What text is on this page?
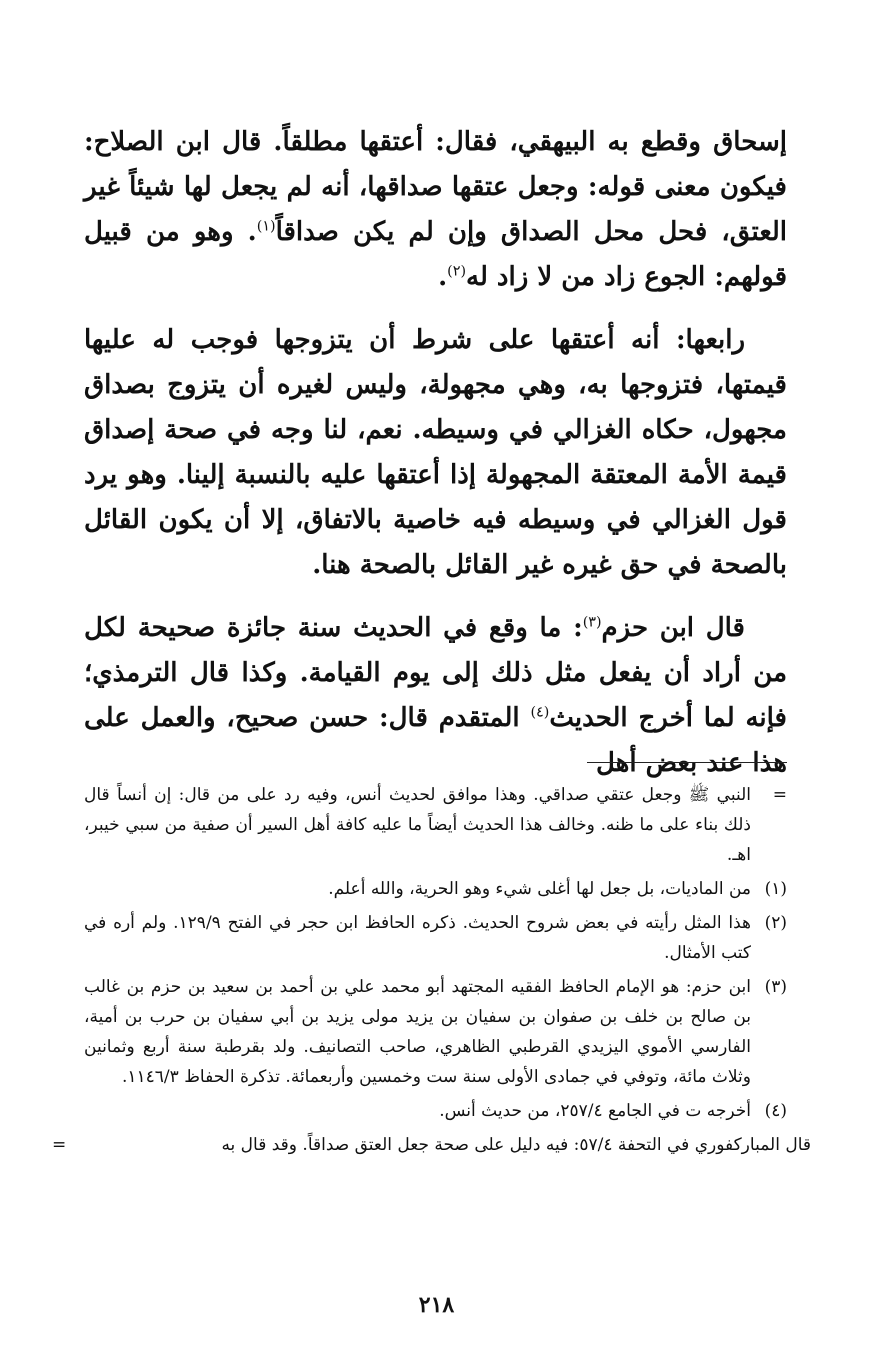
إسحاق وقطع به البيهقي، فقال: أعتقها مطلقاً. قال ابن الصلاح: فيكون معنى قوله: وجعل عتقها صداقها، أنه لم يجعل لها شيئاً غير العتق، فحل محل الصداق وإن لم يكن صداقاً$^{(١)}$. وهو من قبيل قولهم: الجوع زاد من لا زاد له$^{(٢)}$.

رابعها: أنه أعتقها على شرط أن يتزوجها فوجب له عليها قيمتها، فتزوجها به، وهي مجهولة، وليس لغيره أن يتزوج بصداق مجهول، حكاه الغزالي في وسيطه. نعم، لنا وجه في صحة إصداق قيمة الأمة المعتقة المجهولة إذا أعتقها عليه بالنسبة إلينا. وهو يرد قول الغزالي في وسيطه فيه خاصية بالاتفاق، إلا أن يكون القائل بالصحة في حق غيره غير القائل بالصحة هنا.

قال ابن حزم$^{(٣)}$: ما وقع في الحديث سنة جائزة صحيحة لكل من أراد أن يفعل مثل ذلك إلى يوم القيامة. وكذا قال الترمذي؛ فإنه لما أخرج الحديث$^{(٤)}$ المتقدم قال: حسن صحيح، والعمل على هذا عند بعض أهل

=
النبي ﷺ وجعل عتقي صداقي. وهذا موافق لحديث أنس، وفيه رد على من قال: إن أنساً قال ذلك بناء على ما ظنه. وخالف هذا الحديث أيضاً ما عليه كافة أهل السير أن صفية من سبي خيبر، اهـ.
(١)
من الماديات، بل جعل لها أغلى شيء وهو الحرية، والله أعلم.
(٢)
هذا المثل رأيته في بعض شروح الحديث. ذكره الحافظ ابن حجر في الفتح ١٢٩/٩. ولم أره في كتب الأمثال.
(٣)
ابن حزم: هو الإمام الحافظ الفقيه المجتهد أبو محمد علي بن أحمد بن سعيد بن حزم بن غالب بن صالح بن خلف بن صفوان بن سفيان بن يزيد مولى يزيد بن أبي سفيان بن حرب بن أمية، الفارسي الأموي اليزيدي القرطبي الظاهري، صاحب التصانيف. ولد بقرطبة سنة أربع وثمانين وثلاث مائة، وتوفي في جمادى الأولى سنة ست وخمسين وأربعمائة. تذكرة الحفاظ ١١٤٦/٣.
(٤)
أخرجه ت في الجامع ٢٥٧/٤، من حديث أنس.
قال المباركفوري في التحفة ٥٧/٤: فيه دليل على صحة جعل العتق صداقاً. وقد قال به
=
٢١٨
